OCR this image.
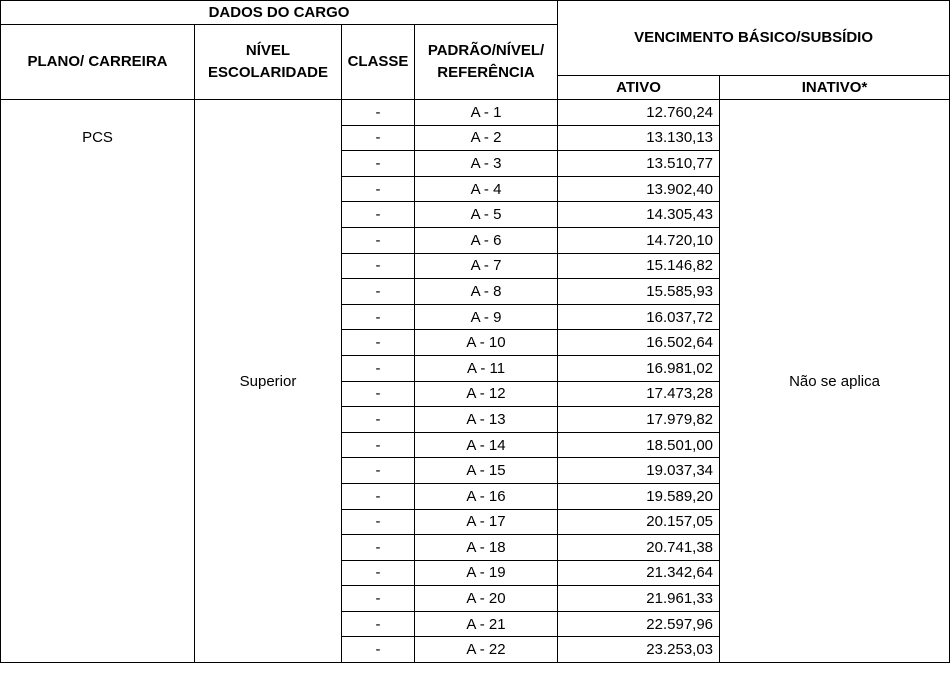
DADOS DO CARGO				VENCIMENTO BÁSICO/SUBSÍDIO	
PLANO/ CARREIRA	NÍVEL ESCOLARIDADE	CLASSE	PADRÃO/NÍVEL/ REFERÊNCIA		
				ATIVO	INATIVO*
PCS	Superior	-	A - 1	12.760,24	Não se aplica
		-	A - 2	13.130,13	
		-	A - 3	13.510,77	
		-	A - 4	13.902,40	
		-	A - 5	14.305,43	
		-	A - 6	14.720,10	
		-	A - 7	15.146,82	
		-	A - 8	15.585,93	
		-	A - 9	16.037,72	
		-	A - 10	16.502,64	
		-	A - 11	16.981,02	
		-	A - 12	17.473,28	
		-	A - 13	17.979,82	
		-	A - 14	18.501,00	
		-	A - 15	19.037,34	
		-	A - 16	19.589,20	
		-	A - 17	20.157,05	
		-	A - 18	20.741,38	
		-	A - 19	21.342,64	
		-	A - 20	21.961,33	
		-	A - 21	22.597,96	
		-	A - 22	23.253,03	
